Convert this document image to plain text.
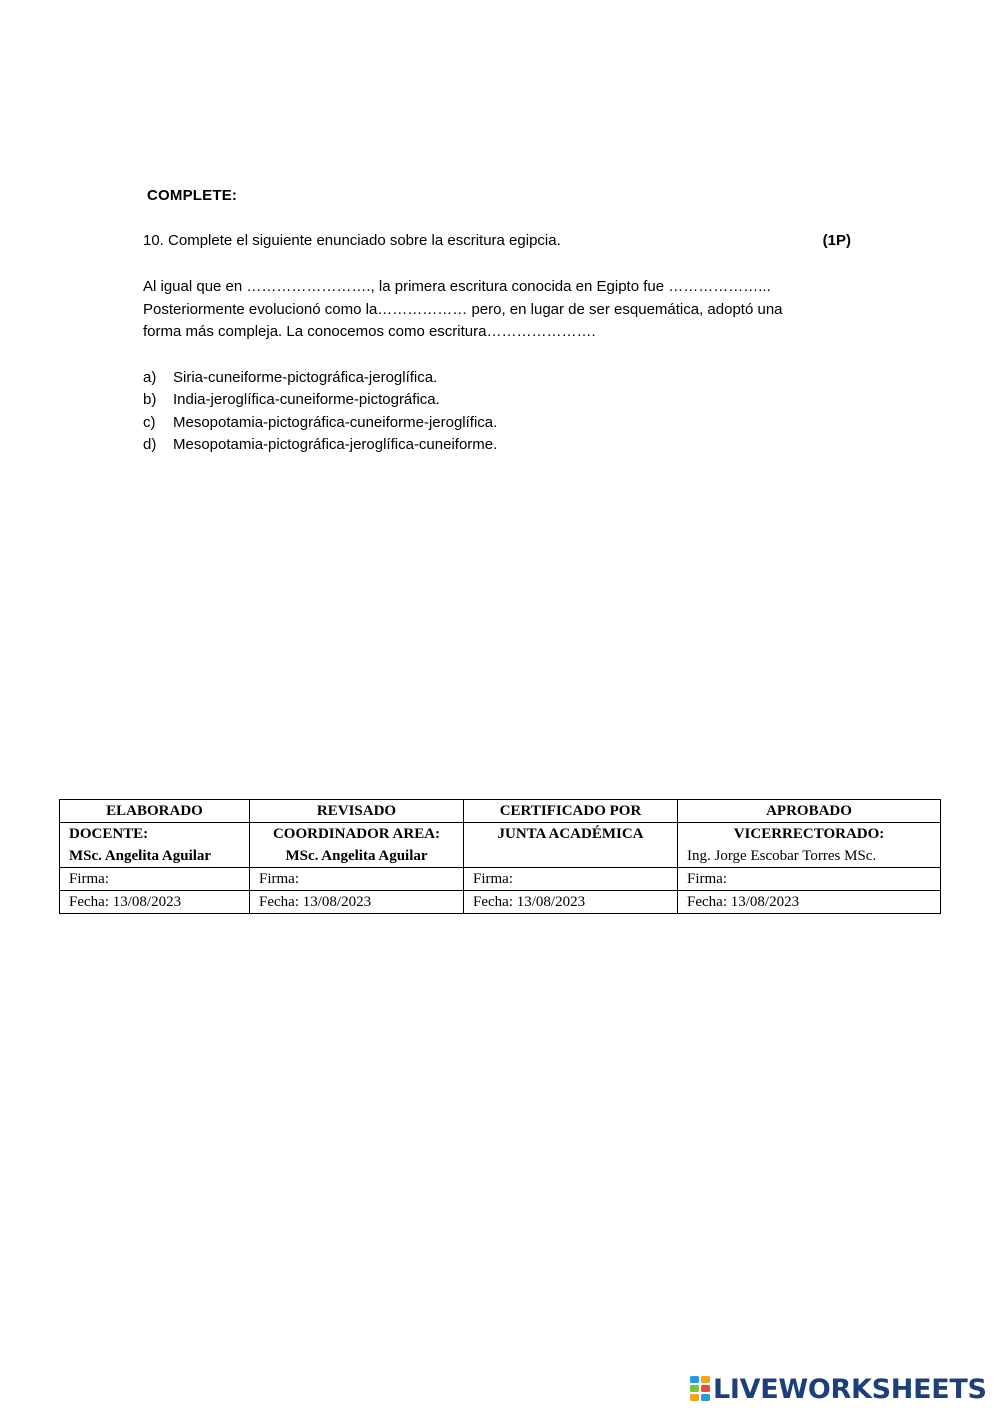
COMPLETE:
10. Complete el siguiente enunciado sobre la escritura egipcia.	(1P)
Al igual que en ……………………., la primera escritura conocida en Egipto fue ………………...
Posteriormente evolucionó como la……………… pero, en lugar de ser esquemática, adoptó una
forma más compleja. La conocemos como escritura………………….
a)	Siria-cuneiforme-pictográfica-jeroglífica.
b)	India-jeroglífica-cuneiforme-pictográfica.
c)	Mesopotamia-pictográfica-cuneiforme-jeroglífica.
d)	Mesopotamia-pictográfica-jeroglífica-cuneiforme.
ELABORADO	REVISADO	CERTIFICADO POR	APROBADO
DOCENTE:	COORDINADOR AREA:	JUNTA ACADÉMICA	VICERRECTORADO:
MSc. Angelita Aguilar	MSc. Angelita Aguilar		Ing. Jorge Escobar Torres MSc.
Firma:	Firma:	Firma:	Firma:
Fecha: 13/08/2023	Fecha: 13/08/2023	Fecha: 13/08/2023	Fecha: 13/08/2023
LIVEWORKSHEETS
